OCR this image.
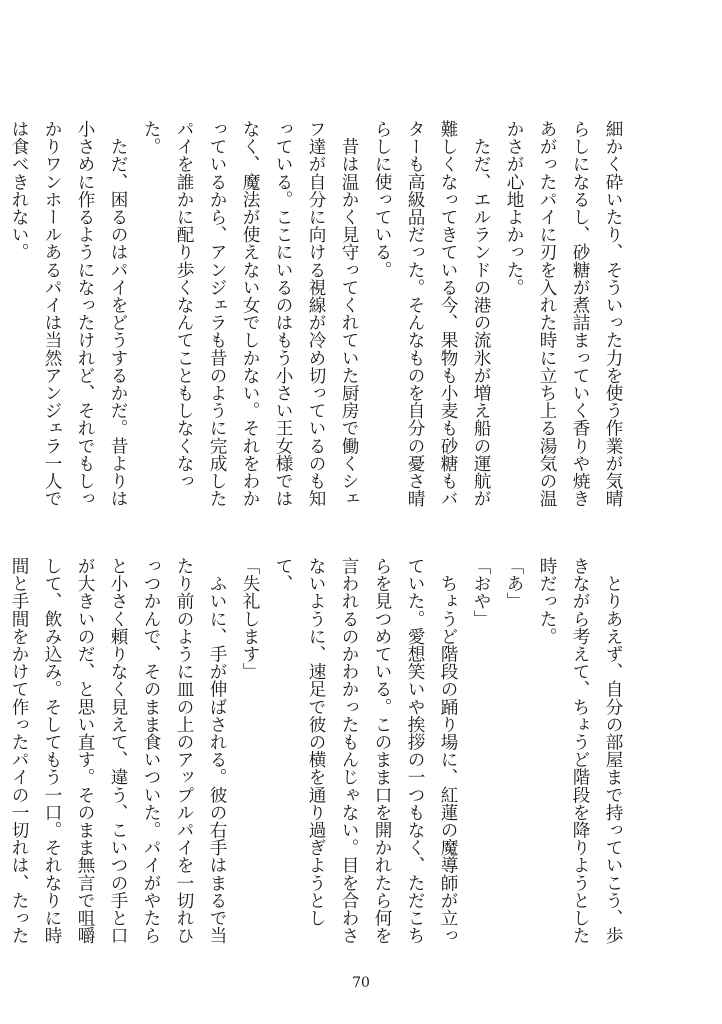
細かく砕いたり、そういった力を使う作業が気晴らしになるし、砂糖が煮詰まっていく香りや焼きあがったパイに刃を入れた時に立ち上る湯気の温かさが心地よかった。

　ただ、エルランドの港の流氷が増え船の運航が難しくなってきている今、果物も小麦も砂糖もバターも高級品だった。そんなものを自分の憂さ晴らしに使っている。

　昔は温かく見守ってくれていた厨房で働くシェフ達が自分に向ける視線が冷め切っているのも知っている。ここにいるのはもう小さい王女様ではなく、魔法が使えない女でしかない。それをわかっているから、アンジェラも昔のように完成したパイを誰かに配り歩くなんてこともしなくなった。

　ただ、困るのはパイをどうするかだ。昔よりは小さめに作るようになったけれど、それでもしっかりワンホールあるパイは当然アンジェラ一人では食べきれない。

　とりあえず、自分の部屋まで持っていこう、歩きながら考えて、ちょうど階段を降りようとした時だった。

「あ」

「おや」

　ちょうど階段の踊り場に、紅蓮の魔導師が立っていた。愛想笑いや挨拶の一つもなく、ただこちらを見つめている。このまま口を開かれたら何を言われるのかわかったもんじゃない。目を合わさないように、速足で彼の横を通り過ぎようとして、

「失礼します」

　ふいに、手が伸ばされる。彼の右手はまるで当たり前のように皿の上のアップルパイを一切れひっつかんで、そのまま食いついた。パイがやたらと小さく頼りなく見えて、違う、こいつの手と口が大きいのだ、と思い直す。そのまま無言で咀嚼して、飲み込み。そしてもう一口。それなりに時間と手間をかけて作ったパイの一切れは、たった

70
